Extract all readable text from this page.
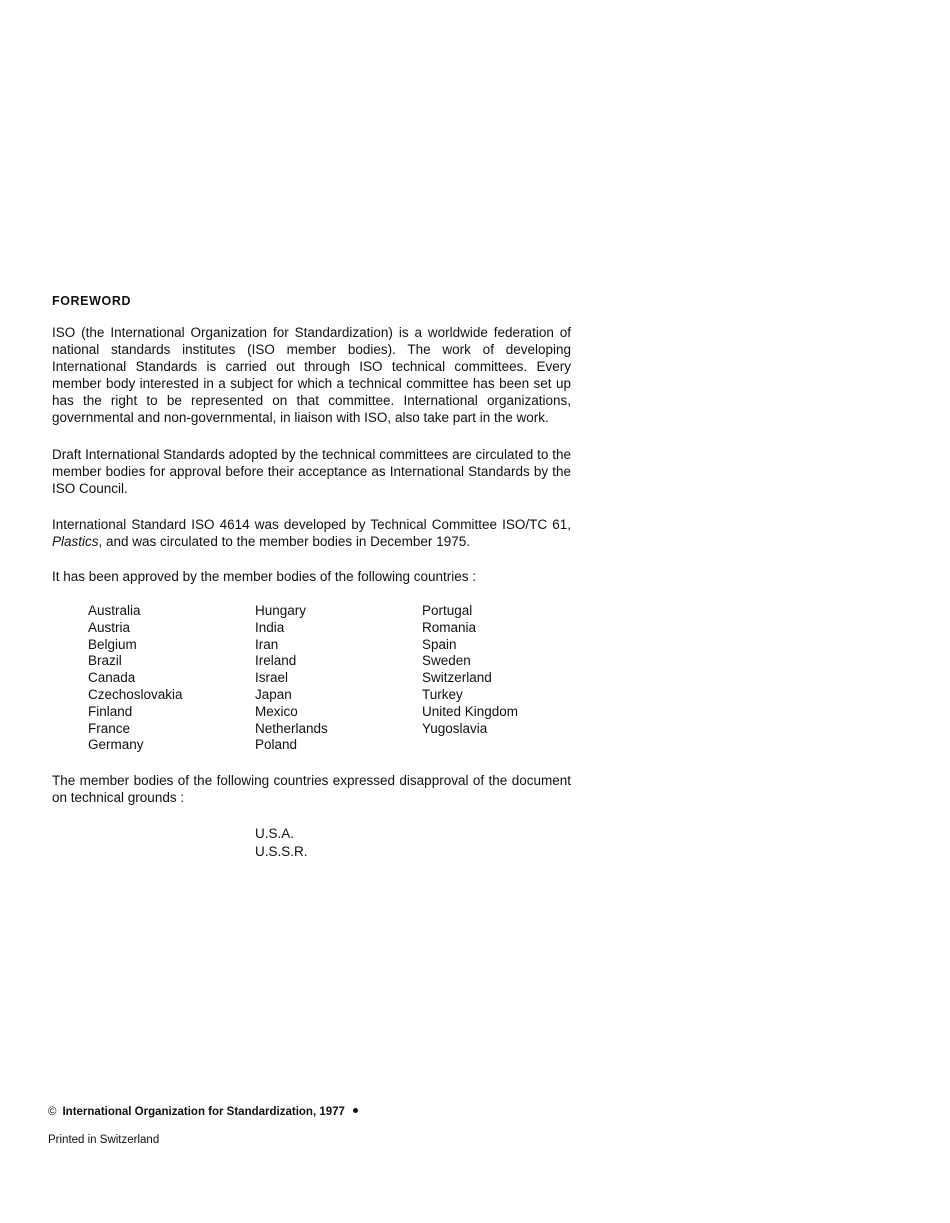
FOREWORD

ISO (the International Organization for Standardization) is a worldwide federation of national standards institutes (ISO member bodies). The work of developing International Standards is carried out through ISO technical committees. Every member body interested in a subject for which a technical committee has been set up has the right to be represented on that committee. International organizations, governmental and non-governmental, in liaison with ISO, also take part in the work.

Draft International Standards adopted by the technical committees are circulated to the member bodies for approval before their acceptance as International Standards by the ISO Council.

International Standard ISO 4614 was developed by Technical Committee ISO/TC 61, Plastics, and was circulated to the member bodies in December 1975.

It has been approved by the member bodies of the following countries :

Australia
Austria
Belgium
Brazil
Canada
Czechoslovakia
Finland
France
Germany
Hungary
India
Iran
Ireland
Israel
Japan
Mexico
Netherlands
Poland
Portugal
Romania
Spain
Sweden
Switzerland
Turkey
United Kingdom
Yugoslavia

The member bodies of the following countries expressed disapproval of the document on technical grounds :

U.S.A.
U.S.S.R.
© International Organization for Standardization, 1977
Printed in Switzerland
